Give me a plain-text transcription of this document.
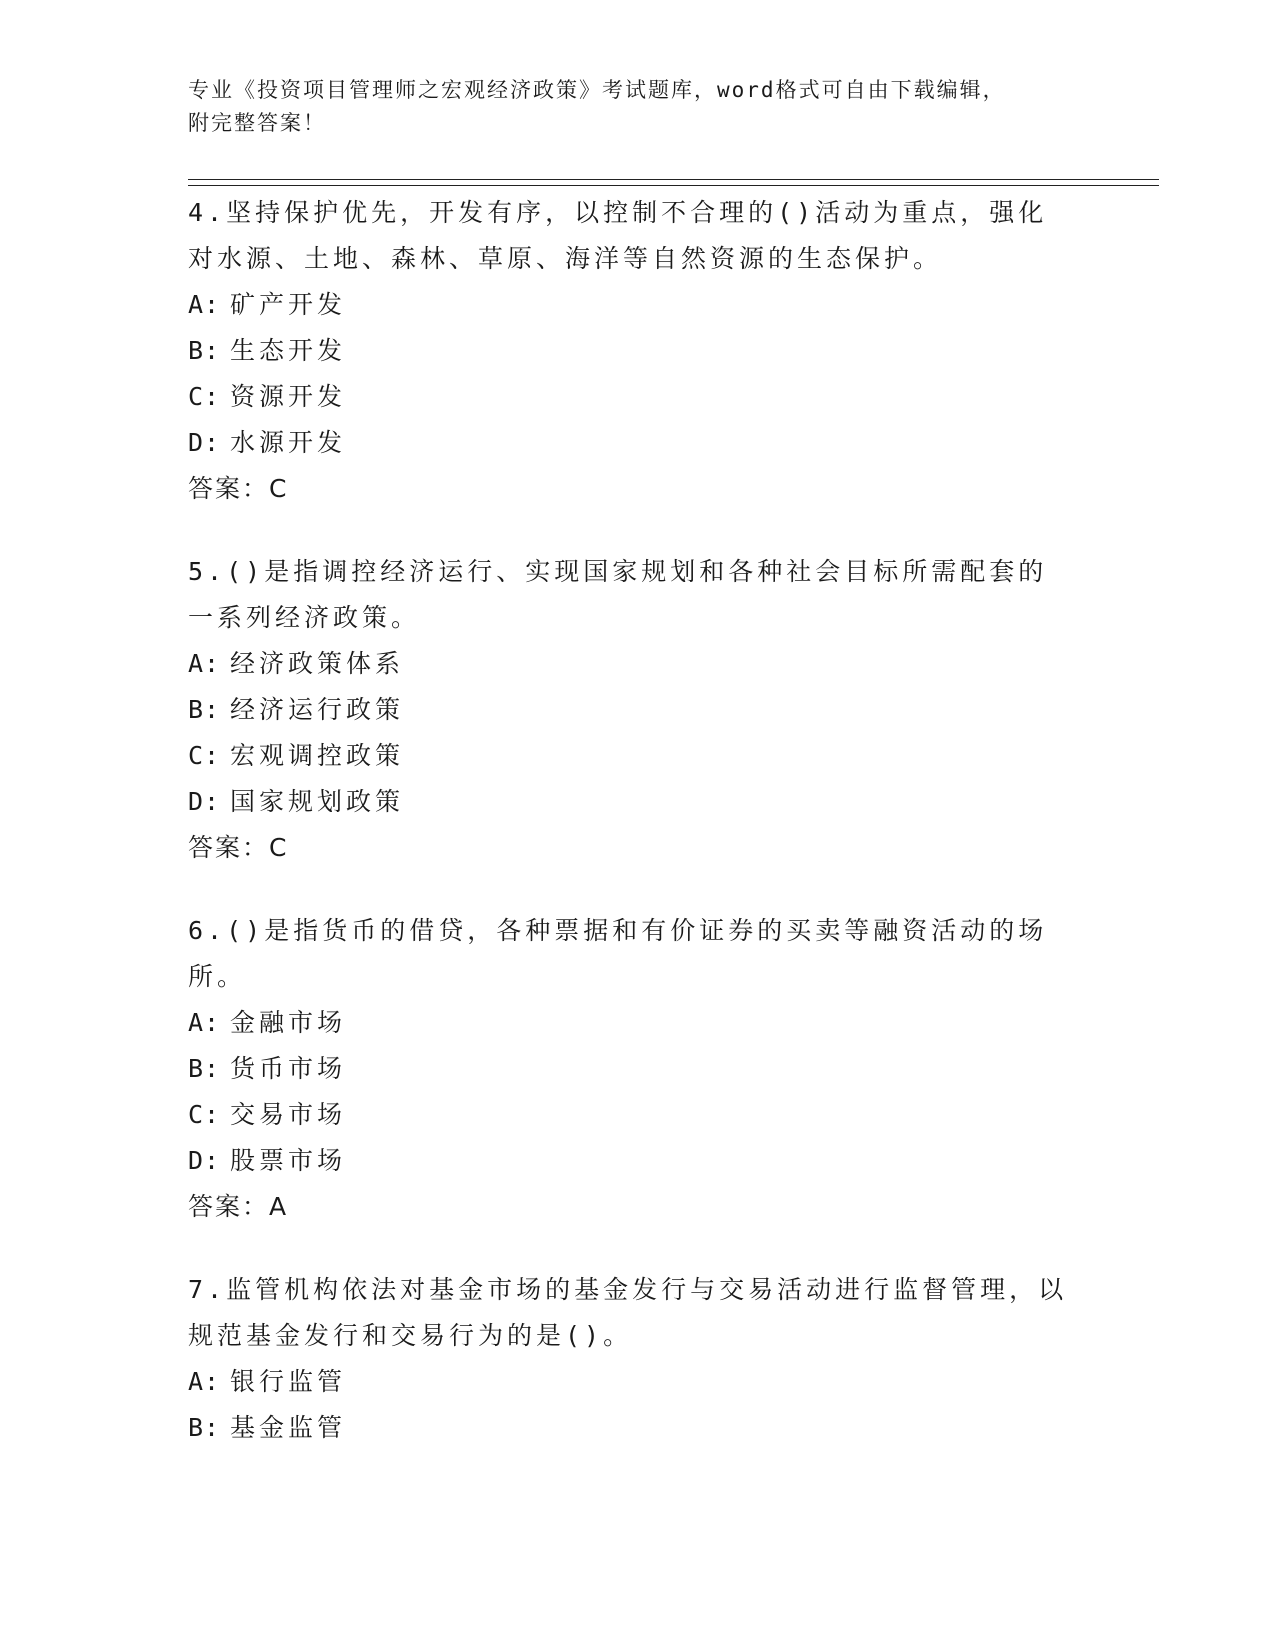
专业《投资项目管理师之宏观经济政策》考试题库，word格式可自由下载编辑，
附完整答案！
4.坚持保护优先，开发有序，以控制不合理的()活动为重点，强化对水源、土地、森林、草原、海洋等自然资源的生态保护。
A: 矿产开发
B: 生态开发
C: 资源开发
D: 水源开发
答案：C
5.()是指调控经济运行、实现国家规划和各种社会目标所需配套的一系列经济政策。
A: 经济政策体系
B: 经济运行政策
C: 宏观调控政策
D: 国家规划政策
答案：C
6.()是指货币的借贷，各种票据和有价证券的买卖等融资活动的场所。
A: 金融市场
B: 货币市场
C: 交易市场
D: 股票市场
答案：A
7.监管机构依法对基金市场的基金发行与交易活动进行监督管理，以规范基金发行和交易行为的是()。
A: 银行监管
B: 基金监管
